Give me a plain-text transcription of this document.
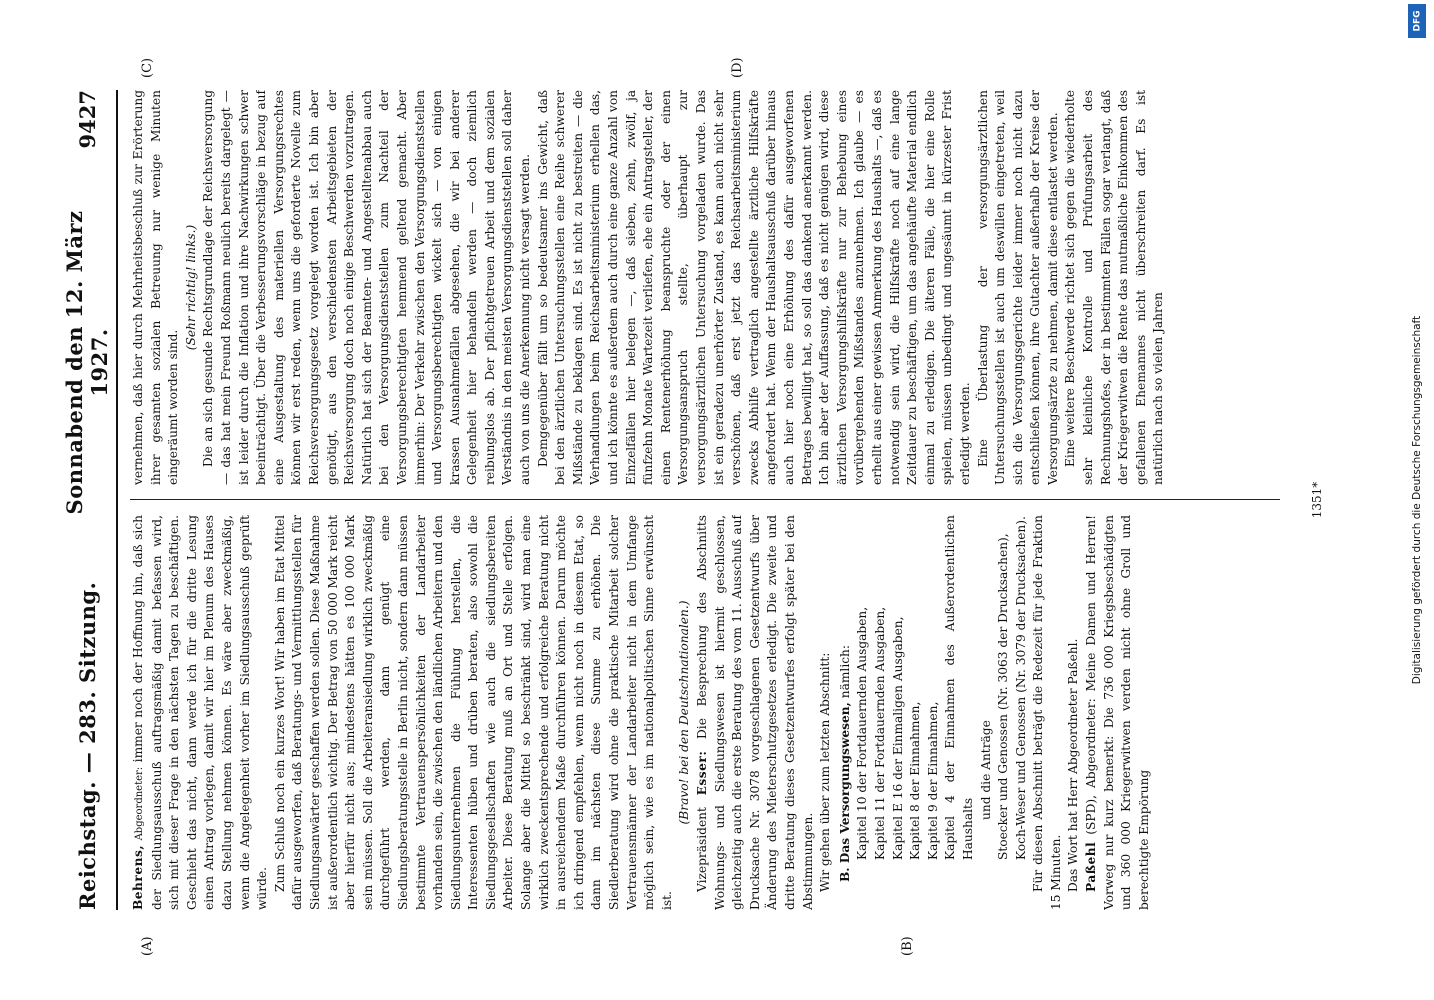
Reichstag. — 283. Sitzung.
Sonnabend den 12. März 1927.
9427
(A)	(B)
(C)	(D)

Behrens, Abgeordneter: immer noch der Hoffnung hin, daß sich der Siedlungsausschuß auftragsmäßig damit befassen wird, sich mit dieser Frage in den nächsten Tagen zu beschäftigen. Geschieht das nicht, dann werde ich für die dritte Lesung einen Antrag vorlegen, damit wir hier im Plenum des Hauses dazu Stellung nehmen können. Es wäre aber zweckmäßig, wenn die Angelegenheit vorher im Siedlungsausschuß geprüft würde. Zum Schluß noch ein kurzes Wort! Wir haben im Etat Mittel dafür ausgeworfen, daß Beratungs- und Vermittlungsstellen für Siedlungsanwärter geschaffen werden sollen. Diese Maßnahme ist außerordentlich wichtig. Der Betrag von 50 000 Mark reicht aber hierfür nicht aus; mindestens hätten es 100 000 Mark sein müssen. Soll die Arbeiteransiedlung wirklich zweckmäßig durchgeführt werden, dann genügt eine Siedlungsberatungsstelle in Berlin nicht, sondern dann müssen bestimmte Vertrauenspersönlichkeiten der Landarbeiter vorhanden sein, die zwischen den ländlichen Arbeitern und den Siedlungsunternehmen die Fühlung herstellen, die Interessenten hüben und drüben beraten, also sowohl die Siedlungsgesellschaften wie auch die siedlungsbereiten Arbeiter. Diese Beratung muß an Ort und Stelle erfolgen. Solange aber die Mittel so beschränkt sind, wird man eine wirklich zweckentsprechende und erfolgreiche Beratung nicht in ausreichendem Maße durchführen können. Darum möchte ich dringend empfehlen, wenn nicht noch in diesem Etat, so dann im nächsten diese Summe zu erhöhen. Die Siedlerberatung wird ohne die praktische Mitarbeit solcher Vertrauensmänner der Landarbeiter nicht in dem Umfange möglich sein, wie es im nationalpolitischen Sinne erwünscht ist.

(Bravo! bei den Deutschnationalen.)

Vizepräsident Esser: Die Besprechung des Abschnitts Wohnungs- und Siedlungswesen ist hiermit geschlossen, gleichzeitig auch die erste Beratung des vom 11. Ausschuß auf Drucksache Nr. 3078 vorgeschlagenen Gesetzentwurfs über Änderung des Mieterschutzgesetzes erledigt. Die zweite und dritte Beratung dieses Gesetzentwurfes erfolgt später bei den Abstimmungen. Wir gehen über zum letzten Abschnitt: B. Das Versorgungswesen, nämlich: Kapitel 10 der Fortdauernden Ausgaben, Kapitel 11 der Fortdauernden Ausgaben, Kapitel E 16 der Einmaligen Ausgaben, Kapitel 8 der Einnahmen, Kapitel 9 der Einnahmen, Kapitel 4 der Einnahmen des Außerordentlichen Haushalts
und die Anträge Stoecker und Genossen (Nr. 3063 der Drucksachen), Koch-Weser und Genossen (Nr. 3079 der Drucksachen). Für diesen Abschnitt beträgt die Redezeit für jede Fraktion 15 Minuten. Das Wort hat Herr Abgeordneter Paßehl. Paßehl (SPD), Abgeordneter: Meine Damen und Herren! Vorweg nur kurz bemerkt: Die 736 000 Kriegsbeschädigten und 360 000 Kriegerwitwen verden nicht ohne Groll und berechtigte Empörung

vernehmen, daß hier durch Mehrheitsbeschluß zur Erörterung ihrer gesamten sozialen Betreuung nur wenige Minuten eingeräumt worden sind.

(Sehr richtig! links.) Die an sich gesunde Rechtsgrundlage der Reichsversorgung — das hat mein Freund Roßmann neulich bereits dargelegt — ist leider durch die Inflation und ihre Nachwirkungen schwer beeinträchtigt. Über die Verbesserungsvorschläge in bezug auf eine Ausgestaltung des materiellen Versorgungsrechtes können wir erst reden, wenn uns die geforderte Novelle zum Reichsversorgungsgesetz vorgelegt worden ist. Ich bin aber genötigt, aus den verschiedensten Arbeitsgebieten der Reichsversorgung doch noch einige Beschwerden vorzutragen. Natürlich hat sich der Beamten- und Angestelltenabbau auch bei den Versorgungsdienststellen zum Nachteil der Versorgungsberechtigten hemmend geltend gemacht. Aber immerhin: Der Verkehr zwischen den Versorgungsdienststellen und Versorgungsberechtigten wickelt sich — von einigen krassen Ausnahmefällen abgesehen, die wir bei anderer Gelegenheit hier behandeln werden — doch ziemlich reibungslos ab. Der pflichtgetreuen Arbeit und dem sozialen Verständnis in den meisten Versorgungsdienststellen soll daher auch von uns die Anerkennung nicht versagt werden. Demgegenüber fällt um so bedeutsamer ins Gewicht, daß bei den ärztlichen Untersuchungsstellen eine Reihe schwerer Mißstände zu beklagen sind. Es ist nicht zu bestreiten — die Verhandlungen beim Reichsarbeitsministerium erhellen das, und ich könnte es außerdem auch durch eine ganze Anzahl von Einzelfällen hier belegen —, daß sieben, zehn, zwölf, ja fünfzehn Monate Wartezeit verliefen, ehe ein Antragsteller, der einen Rentenerhöhung beanspruchte oder der einen Versorgungsanspruch stellte, überhaupt zur versorgungsärztlichen Untersuchung vorgeladen wurde. Das ist ein geradezu unerhörter Zustand, es kann auch nicht sehr verschönen, daß erst jetzt das Reichsarbeitsministerium zwecks Abhilfe vertraglich angestellte ärztliche Hilfskräfte angefordert hat. Wenn der Haushaltsausschuß darüber hinaus auch hier noch eine Erhöhung des dafür ausgeworfenen Betrages bewilligt hat, so soll das dankend anerkannt werden. Ich bin aber der Auffassung, daß es nicht genügen wird, diese ärztlichen Versorgungshilfskräfte nur zur Behebung eines vorübergehenden Mißstandes anzunehmen. Ich glaube — es erhellt aus einer gewissen Anmerkung des Haushalts —, daß es notwendig sein wird, die Hilfskräfte noch auf eine lange Zeitdauer zu beschäftigen, um das angehäufte Material endlich einmal zu erledigen. Die älteren Fälle, die hier eine Rolle spielen, müssen unbedingt und ungesäumt in kürzester Frist erledigt werden. Eine Überlastung der versorgungsärztlichen Untersuchungsstellen ist auch um deswillen eingetreten, weil sich die Versorgungsgerichte leider immer noch nicht dazu entschließen können, ihre Gutachter außerhalb der Kreise der Versorgungsärzte zu nehmen, damit diese entlastet werden. Eine weitere Beschwerde richtet sich gegen die wiederholte sehr kleinliche Kontrolle und Prüfungsarbeit des Rechnungshofes, der in bestimmten Fällen sogar verlangt, daß der Kriegerwitwen die Rente das mutmaßliche Einkommen des gefallenen Ehemannes nicht überschreiten darf. Es ist natürlich nach so vielen Jahren

1351*
DFG
Digitalisierung gefördert durch die Deutsche Forschungsgemeinschaft
